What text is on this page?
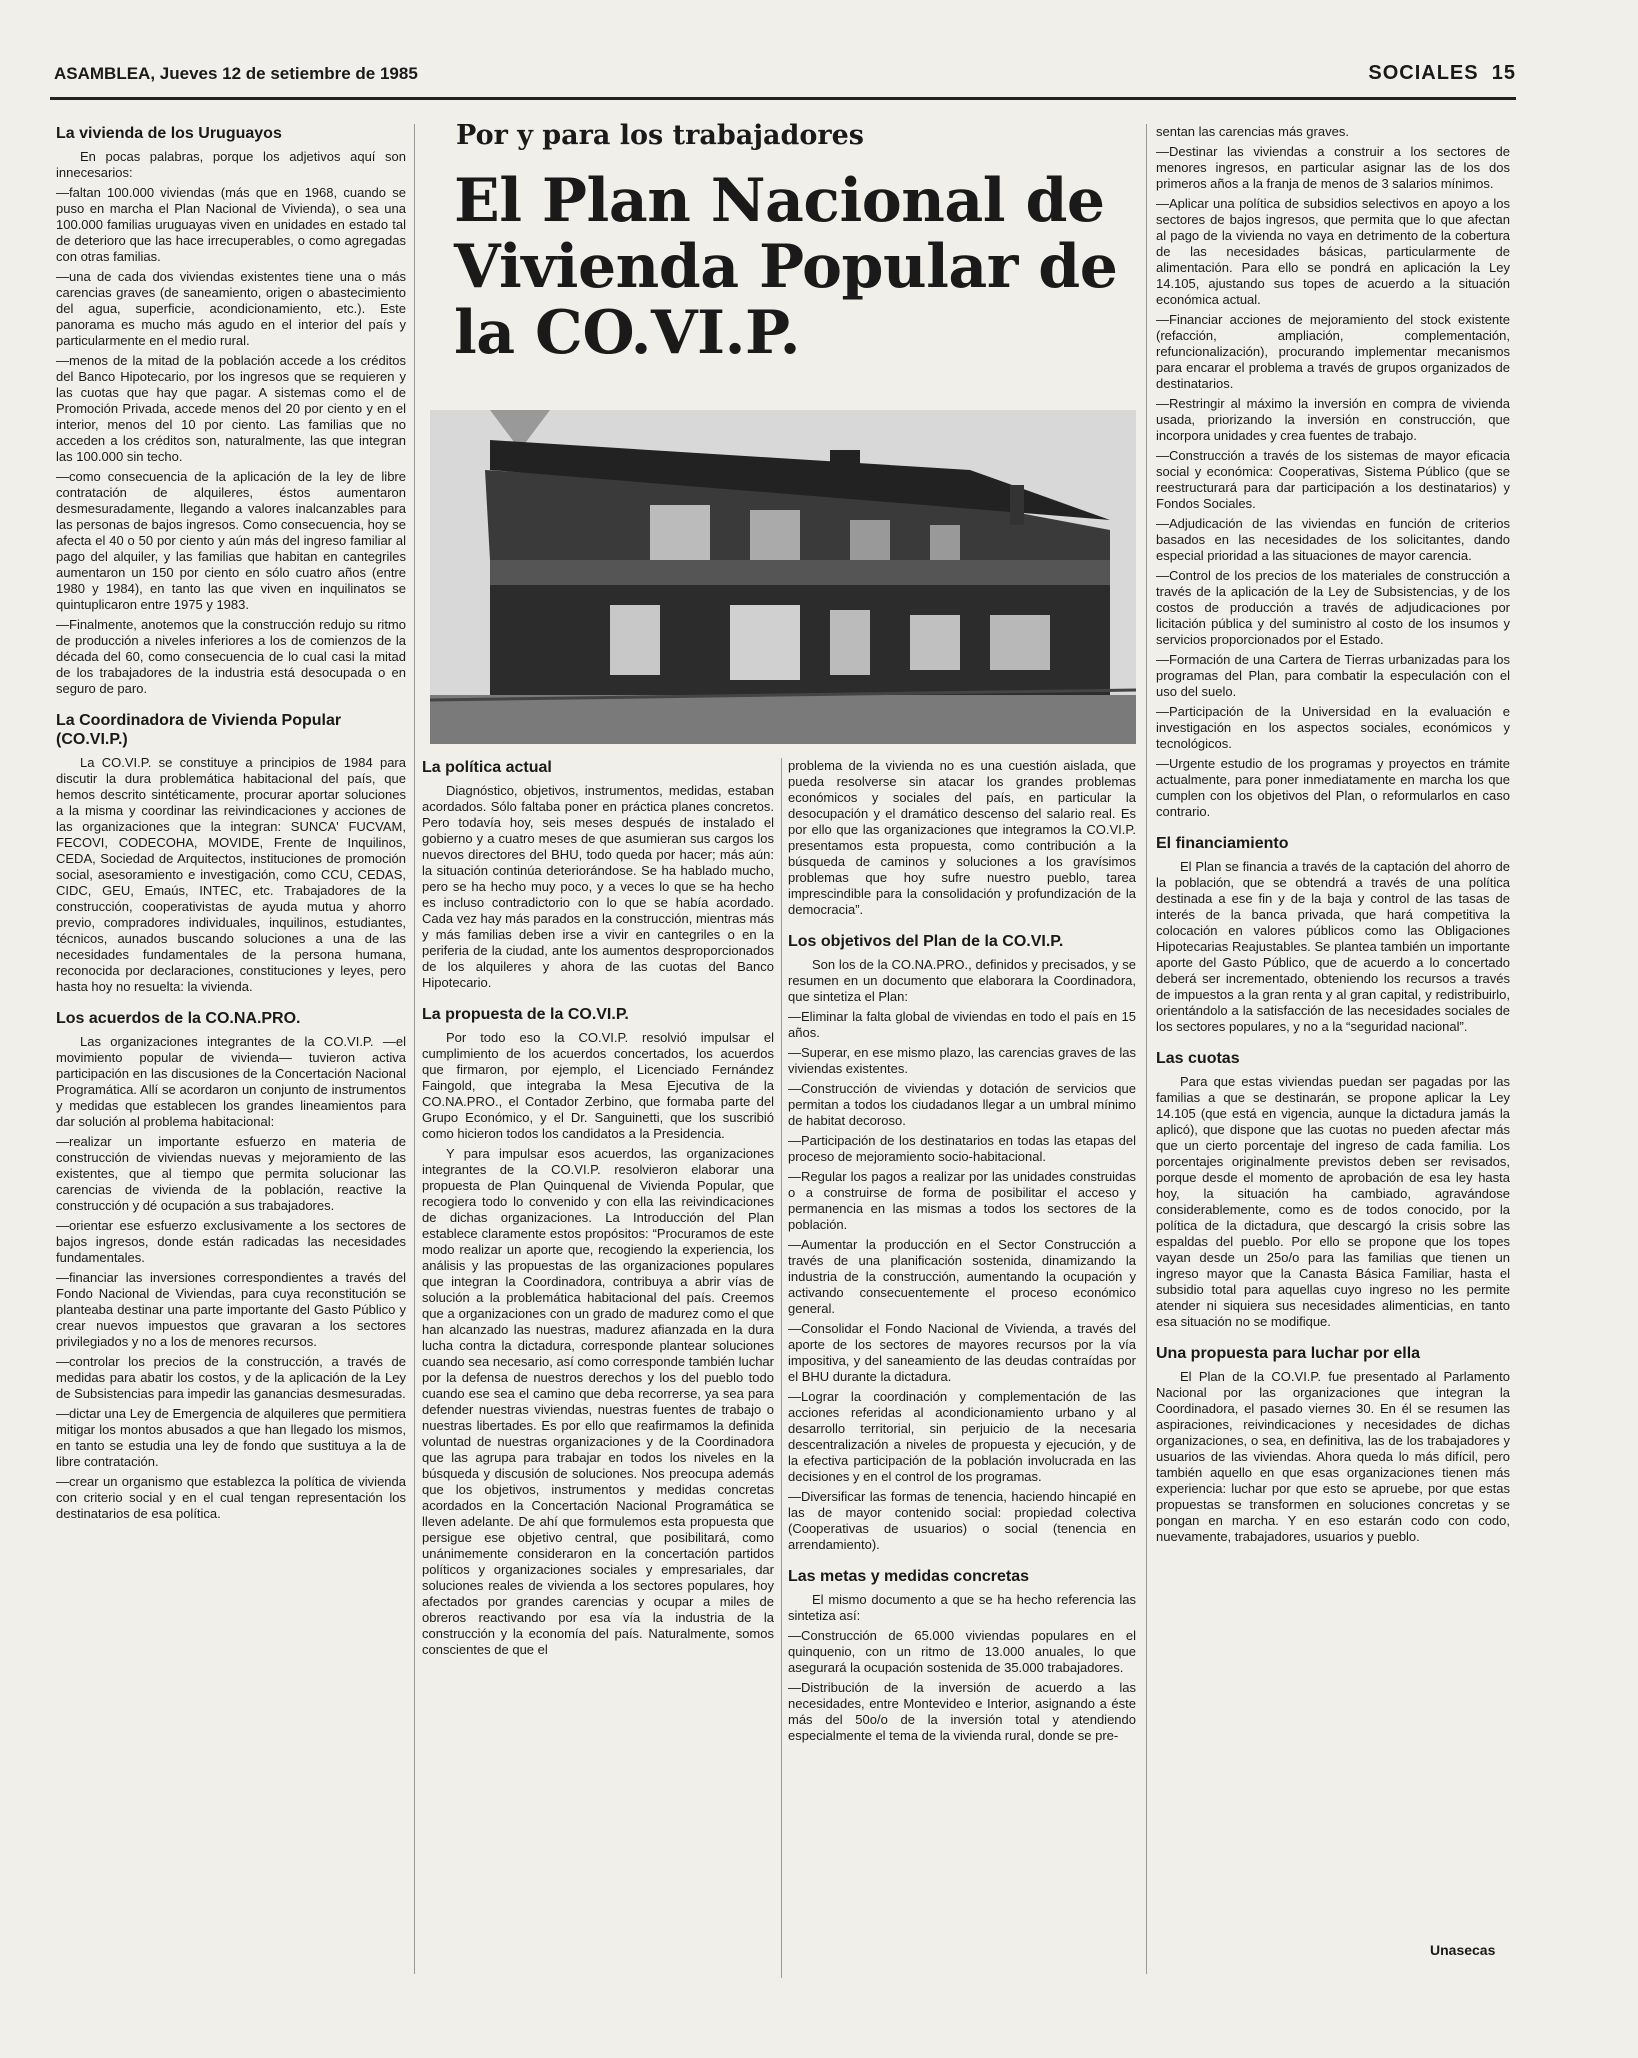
ASAMBLEA, Jueves 12 de setiembre de 1985	SOCIALES 15
Por y para los trabajadores
El Plan Nacional de Vivienda Popular de la CO.VI.P.
La vivienda de los Uruguayos

En pocas palabras, porque los adjetivos aquí son innecesarios:

—faltan 100.000 viviendas (más que en 1968, cuando se puso en marcha el Plan Nacional de Vivienda), o sea una 100.000 familias uruguayas viven en unidades en estado tal de deterioro que las hace irrecuperables, o como agregadas con otras familias.

—una de cada dos viviendas existentes tiene una o más carencias graves (de saneamiento, origen o abastecimiento del agua, superficie, acondicionamiento, etc.). Este panorama es mucho más agudo en el interior del país y particularmente en el medio rural.

—menos de la mitad de la población accede a los créditos del Banco Hipotecario, por los ingresos que se requieren y las cuotas que hay que pagar. A sistemas como el de Promoción Privada, accede menos del 20 por ciento y en el interior, menos del 10 por ciento. Las familias que no acceden a los créditos son, naturalmente, las que integran las 100.000 sin techo.

—como consecuencia de la aplicación de la ley de libre contratación de alquileres, éstos aumentaron desmesuradamente, llegando a valores inalcanzables para las personas de bajos ingresos. Como consecuencia, hoy se afecta el 40 o 50 por ciento y aún más del ingreso familiar al pago del alquiler, y las familias que habitan en cantegriles aumentaron un 150 por ciento en sólo cuatro años (entre 1980 y 1984), en tanto las que viven en inquilinatos se quintuplicaron entre 1975 y 1983.

—Finalmente, anotemos que la construcción redujo su ritmo de producción a niveles inferiores a los de comienzos de la década del 60, como consecuencia de lo cual casi la mitad de los trabajadores de la industria está desocupada o en seguro de paro.

La Coordinadora de Vivienda Popular (CO.VI.P.)

La CO.VI.P. se constituye a principios de 1984 para discutir la dura problemática habitacional del país, que hemos descrito sintéticamente, procurar aportar soluciones a la misma y coordinar las reivindicaciones y acciones de las organizaciones que la integran: SUNCA' FUCVAM, FECOVI, CODECOHA, MOVIDE, Frente de Inquilinos, CEDA, Sociedad de Arquitectos, instituciones de promoción social, asesoramiento e investigación, como CCU, CEDAS, CIDC, GEU, Emaús, INTEC, etc. Trabajadores de la construcción, cooperativistas de ayuda mutua y ahorro previo, compradores individuales, inquilinos, estudiantes, técnicos, aunados buscando soluciones a una de las necesidades fundamentales de la persona humana, reconocida por declaraciones, constituciones y leyes, pero hasta hoy no resuelta: la vivienda.

Los acuerdos de la CO.NA.PRO.

Las organizaciones integrantes de la CO.VI.P. —el movimiento popular de vivienda— tuvieron activa participación en las discusiones de la Concertación Nacional Programática. Allí se acordaron un conjunto de instrumentos y medidas que establecen los grandes lineamientos para dar solución al problema habitacional:

—realizar un importante esfuerzo en materia de construcción de viviendas nuevas y mejoramiento de las existentes, que al tiempo que permita solucionar las carencias de vivienda de la población, reactive la construcción y dé ocupación a sus trabajadores.

—orientar ese esfuerzo exclusivamente a los sectores de bajos ingresos, donde están radicadas las necesidades fundamentales.

—financiar las inversiones correspondientes a través del Fondo Nacional de Viviendas, para cuya reconstitución se planteaba destinar una parte importante del Gasto Público y crear nuevos impuestos que gravaran a los sectores privilegiados y no a los de menores recursos.

—controlar los precios de la construcción, a través de medidas para abatir los costos, y de la aplicación de la Ley de Subsistencias para impedir las ganancias desmesuradas.

—dictar una Ley de Emergencia de alquileres que permitiera mitigar los montos abusados a que han llegado los mismos, en tanto se estudia una ley de fondo que sustituya a la de libre contratación.

—crear un organismo que establezca la política de vivienda con criterio social y en el cual tengan representación los destinatarios de esa política.

La política actual

Diagnóstico, objetivos, instrumentos, medidas, estaban acordados. Sólo faltaba poner en práctica planes concretos. Pero todavía hoy, seis meses después de instalado el gobierno y a cuatro meses de que asumieran sus cargos los nuevos directores del BHU, todo queda por hacer; más aún: la situación continúa deteriorándose. Se ha hablado mucho, pero se ha hecho muy poco, y a veces lo que se ha hecho es incluso contradictorio con lo que se había acordado. Cada vez hay más parados en la construcción, mientras más y más familias deben irse a vivir en cantegriles o en la periferia de la ciudad, ante los aumentos desproporcionados de los alquileres y ahora de las cuotas del Banco Hipotecario.

La propuesta de la CO.VI.P.

Por todo eso la CO.VI.P. resolvió impulsar el cumplimiento de los acuerdos concertados, los acuerdos que firmaron, por ejemplo, el Licenciado Fernández Faingold, que integraba la Mesa Ejecutiva de la CO.NA.PRO., el Contador Zerbino, que formaba parte del Grupo Económico, y el Dr. Sanguinetti, que los suscribió como hicieron todos los candidatos a la Presidencia.

Y para impulsar esos acuerdos, las organizaciones integrantes de la CO.VI.P. resolvieron elaborar una propuesta de Plan Quinquenal de Vivienda Popular, que recogiera todo lo convenido y con ella las reivindicaciones de dichas organizaciones. La Introducción del Plan establece claramente estos propósitos: “Procuramos de este modo realizar un aporte que, recogiendo la experiencia, los análisis y las propuestas de las organizaciones populares que integran la Coordinadora, contribuya a abrir vías de solución a la problemática habitacional del país. Creemos que a organizaciones con un grado de madurez como el que han alcanzado las nuestras, madurez afianzada en la dura lucha contra la dictadura, corresponde plantear soluciones cuando sea necesario, así como corresponde también luchar por la defensa de nuestros derechos y los del pueblo todo cuando ese sea el camino que deba recorrerse, ya sea para defender nuestras viviendas, nuestras fuentes de trabajo o nuestras libertades. Es por ello que reafirmamos la definida voluntad de nuestras organizaciones y de la Coordinadora que las agrupa para trabajar en todos los niveles en la búsqueda y discusión de soluciones. Nos preocupa además que los objetivos, instrumentos y medidas concretas acordados en la Concertación Nacional Programática se lleven adelante. De ahí que formulemos esta propuesta que persigue ese objetivo central, que posibilitará, como unánimemente consideraron en la concertación partidos políticos y organizaciones sociales y empresariales, dar soluciones reales de vivienda a los sectores populares, hoy afectados por grandes carencias y ocupar a miles de obreros reactivando por esa vía la industria de la construcción y la economía del país. Naturalmente, somos conscientes de que el

problema de la vivienda no es una cuestión aislada, que pueda resolverse sin atacar los grandes problemas económicos y sociales del país, en particular la desocupación y el dramático descenso del salario real. Es por ello que las organizaciones que integramos la CO.VI.P. presentamos esta propuesta, como contribución a la búsqueda de caminos y soluciones a los gravísimos problemas que hoy sufre nuestro pueblo, tarea imprescindible para la consolidación y profundización de la democracia”.

Los objetivos del Plan de la CO.VI.P.

Son los de la CO.NA.PRO., definidos y precisados, y se resumen en un documento que elaborara la Coordinadora, que sintetiza el Plan:

—Eliminar la falta global de viviendas en todo el país en 15 años.

—Superar, en ese mismo plazo, las carencias graves de las viviendas existentes.

—Construcción de viviendas y dotación de servicios que permitan a todos los ciudadanos llegar a un umbral mínimo de habitat decoroso.

—Participación de los destinatarios en todas las etapas del proceso de mejoramiento socio-habitacional.

—Regular los pagos a realizar por las unidades construidas o a construirse de forma de posibilitar el acceso y permanencia en las mismas a todos los sectores de la población.

—Aumentar la producción en el Sector Construcción a través de una planificación sostenida, dinamizando la industria de la construcción, aumentando la ocupación y activando consecuentemente el proceso económico general.

—Consolidar el Fondo Nacional de Vivienda, a través del aporte de los sectores de mayores recursos por la vía impositiva, y del saneamiento de las deudas contraídas por el BHU durante la dictadura.

—Lograr la coordinación y complementación de las acciones referidas al acondicionamiento urbano y al desarrollo territorial, sin perjuicio de la necesaria descentralización a niveles de propuesta y ejecución, y de la efectiva participación de la población involucrada en las decisiones y en el control de los programas.

—Diversificar las formas de tenencia, haciendo hincapié en las de mayor contenido social: propiedad colectiva (Cooperativas de usuarios) o social (tenencia en arrendamiento).

Las metas y medidas concretas

El mismo documento a que se ha hecho referencia las sintetiza así:

—Construcción de 65.000 viviendas populares en el quinquenio, con un ritmo de 13.000 anuales, lo que asegurará la ocupación sostenida de 35.000 trabajadores.

—Distribución de la inversión de acuerdo a las necesidades, entre Montevideo e Interior, asignando a éste más del 50o/o de la inversión total y atendiendo especialmente el tema de la vivienda rural, donde se pre-

sentan las carencias más graves.

—Destinar las viviendas a construir a los sectores de menores ingresos, en particular asignar las de los dos primeros años a la franja de menos de 3 salarios mínimos.

—Aplicar una política de subsidios selectivos en apoyo a los sectores de bajos ingresos, que permita que lo que afectan al pago de la vivienda no vaya en detrimento de la cobertura de las necesidades básicas, particularmente de alimentación. Para ello se pondrá en aplicación la Ley 14.105, ajustando sus topes de acuerdo a la situación económica actual.

—Financiar acciones de mejoramiento del stock existente (refacción, ampliación, complementación, refuncionalización), procurando implementar mecanismos para encarar el problema a través de grupos organizados de destinatarios.

—Restringir al máximo la inversión en compra de vivienda usada, priorizando la inversión en construcción, que incorpora unidades y crea fuentes de trabajo.

—Construcción a través de los sistemas de mayor eficacia social y económica: Cooperativas, Sistema Público (que se reestructurará para dar participación a los destinatarios) y Fondos Sociales.

—Adjudicación de las viviendas en función de criterios basados en las necesidades de los solicitantes, dando especial prioridad a las situaciones de mayor carencia.

—Control de los precios de los materiales de construcción a través de la aplicación de la Ley de Subsistencias, y de los costos de producción a través de adjudicaciones por licitación pública y del suministro al costo de los insumos y servicios proporcionados por el Estado.

—Formación de una Cartera de Tierras urbanizadas para los programas del Plan, para combatir la especulación con el uso del suelo.

—Participación de la Universidad en la evaluación e investigación en los aspectos sociales, económicos y tecnológicos.

—Urgente estudio de los programas y proyectos en trámite actualmente, para poner inmediatamente en marcha los que cumplen con los objetivos del Plan, o reformularlos en caso contrario.

El financiamiento

El Plan se financia a través de la captación del ahorro de la población, que se obtendrá a través de una política destinada a ese fin y de la baja y control de las tasas de interés de la banca privada, que hará competitiva la colocación en valores públicos como las Obligaciones Hipotecarias Reajustables. Se plantea también un importante aporte del Gasto Público, que de acuerdo a lo concertado deberá ser incrementado, obteniendo los recursos a través de impuestos a la gran renta y al gran capital, y redistribuirlo, orientándolo a la satisfacción de las necesidades sociales de los sectores populares, y no a la “seguridad nacional”.

Las cuotas

Para que estas viviendas puedan ser pagadas por las familias a que se destinarán, se propone aplicar la Ley 14.105 (que está en vigencia, aunque la dictadura jamás la aplicó), que dispone que las cuotas no pueden afectar más que un cierto porcentaje del ingreso de cada familia. Los porcentajes originalmente previstos deben ser revisados, porque desde el momento de aprobación de esa ley hasta hoy, la situación ha cambiado, agravándose considerablemente, como es de todos conocido, por la política de la dictadura, que descargó la crisis sobre las espaldas del pueblo. Por ello se propone que los topes vayan desde un 25o/o para las familias que tienen un ingreso mayor que la Canasta Básica Familiar, hasta el subsidio total para aquellas cuyo ingreso no les permite atender ni siquiera sus necesidades alimenticias, en tanto esa situación no se modifique.

Una propuesta para luchar por ella

El Plan de la CO.VI.P. fue presentado al Parlamento Nacional por las organizaciones que integran la Coordinadora, el pasado viernes 30. En él se resumen las aspiraciones, reivindicaciones y necesidades de dichas organizaciones, o sea, en definitiva, las de los trabajadores y usuarios de las viviendas. Ahora queda lo más difícil, pero también aquello en que esas organizaciones tienen más experiencia: luchar por que esto se apruebe, por que estas propuestas se transformen en soluciones concretas y se pongan en marcha. Y en eso estarán codo con codo, nuevamente, trabajadores, usuarios y pueblo.

Unasecas
